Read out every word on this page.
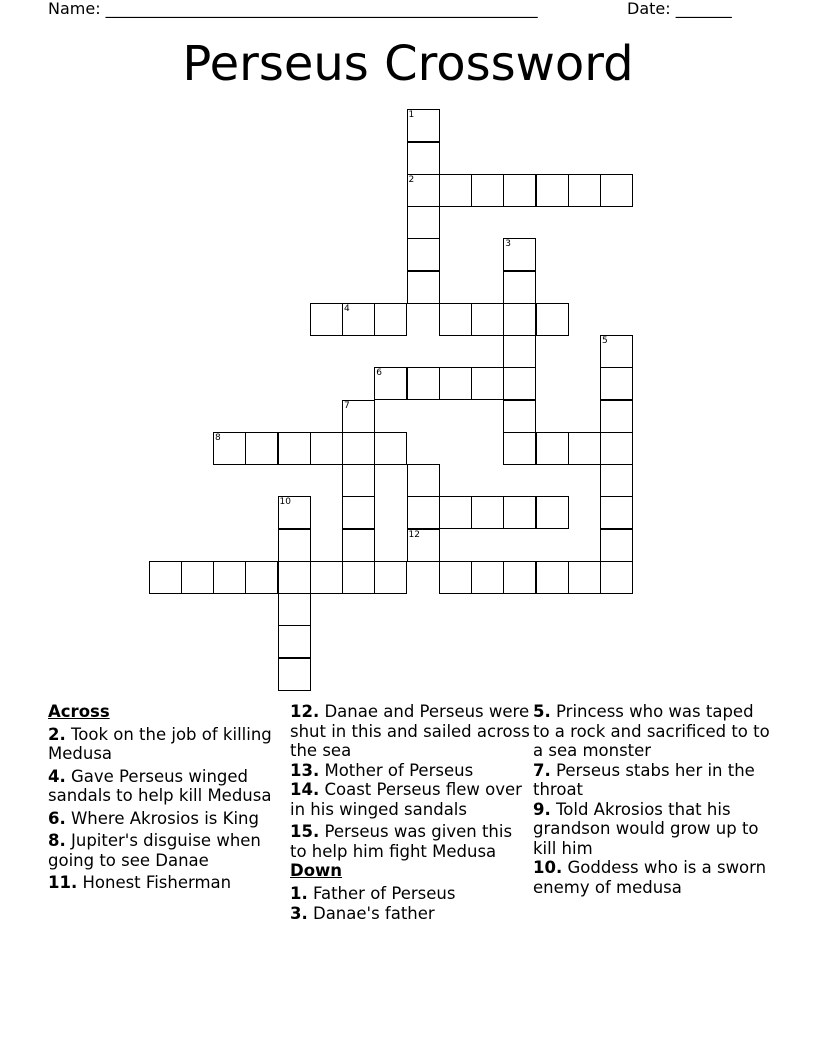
Name: ______________________________________________________	Date: _______
Perseus Crossword
1
2
3
4
5
6
7
8
12
10
Across
2. Took on the job of killing Medusa
4. Gave Perseus winged sandals to help kill Medusa
6. Where Akrosios is King
8. Jupiter's disguise when going to see Danae
11. Honest Fisherman
12. Danae and Perseus were shut in this and sailed across the sea
13. Mother of Perseus
14. Coast Perseus flew over in his winged sandals
15. Perseus was given this to help him fight Medusa
Down
1. Father of Perseus
3. Danae's father
5. Princess who was taped to a rock and sacrificed to to a sea monster
7. Perseus stabs her in the throat
9. Told Akrosios that his grandson would grow up to kill him
10. Goddess who is a sworn enemy of medusa
